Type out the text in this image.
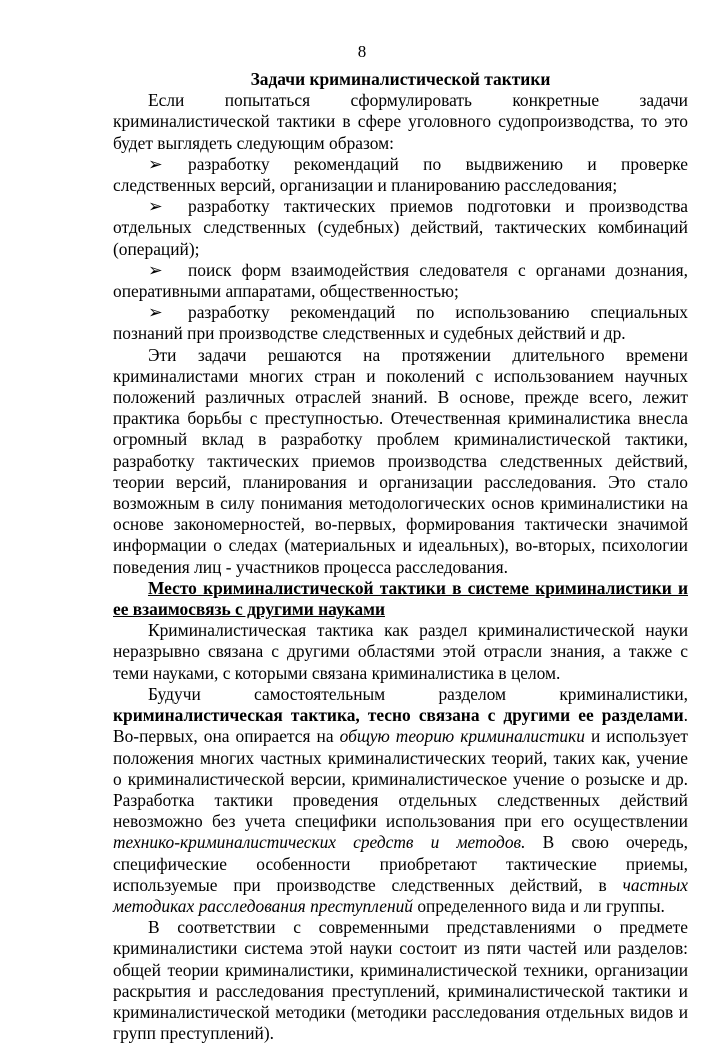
8

Задачи криминалистической тактики

Если попытаться сформулировать конкретные задачи криминалистической тактики в сфере уголовного судопроизводства, то это будет выглядеть следующим образом:

➢ разработку рекомендаций по выдвижению и проверке следственных версий, организации и планированию расследования;

➢ разработку тактических приемов подготовки и производства отдельных следственных (судебных) действий, тактических комбинаций (операций);

➢ поиск форм взаимодействия следователя с органами дознания, оперативными аппаратами, общественностью;

➢ разработку рекомендаций по использованию специальных познаний при производстве следственных и судебных действий и др.

Эти задачи решаются на протяжении длительного времени криминалистами многих стран и поколений с использованием научных положений различных отраслей знаний. В основе, прежде всего, лежит практика борьбы с преступностью. Отечественная криминалистика внесла огромный вклад в разработку проблем криминалистической тактики, разработку тактических приемов производства следственных действий, теории версий, планирования и организации расследования. Это стало возможным в силу понимания методологических основ криминалистики на основе закономерностей, во-первых, формирования тактически значимой информации о следах (материальных и идеальных), во-вторых, психологии поведения лиц - участников процесса расследования.

Место криминалистической тактики в системе криминалистики и ее взаимосвязь с другими науками

Криминалистическая тактика как раздел криминалистической науки неразрывно связана с другими областями этой отрасли знания, а также с теми науками, с которыми связана криминалистика в целом.

Будучи самостоятельным разделом криминалистики, криминалистическая тактика, тесно связана с другими ее разделами. Во-первых, она опирается на общую теорию криминалистики и использует положения многих частных криминалистических теорий, таких как, учение о криминалистической версии, криминалистическое учение о розыске и др. Разработка тактики проведения отдельных следственных действий невозможно без учета специфики использования при его осуществлении технико-криминалистических средств и методов. В свою очередь, специфические особенности приобретают тактические приемы, используемые при производстве следственных действий, в частных методиках расследования преступлений определенного вида и ли группы.

В соответствии с современными представлениями о предмете криминалистики система этой науки состоит из пяти частей или разделов: общей теории криминалистики, криминалистической техники, организации раскрытия и расследования преступлений, криминалистической тактики и криминалистической методики (методики расследования отдельных видов и групп преступлений).
